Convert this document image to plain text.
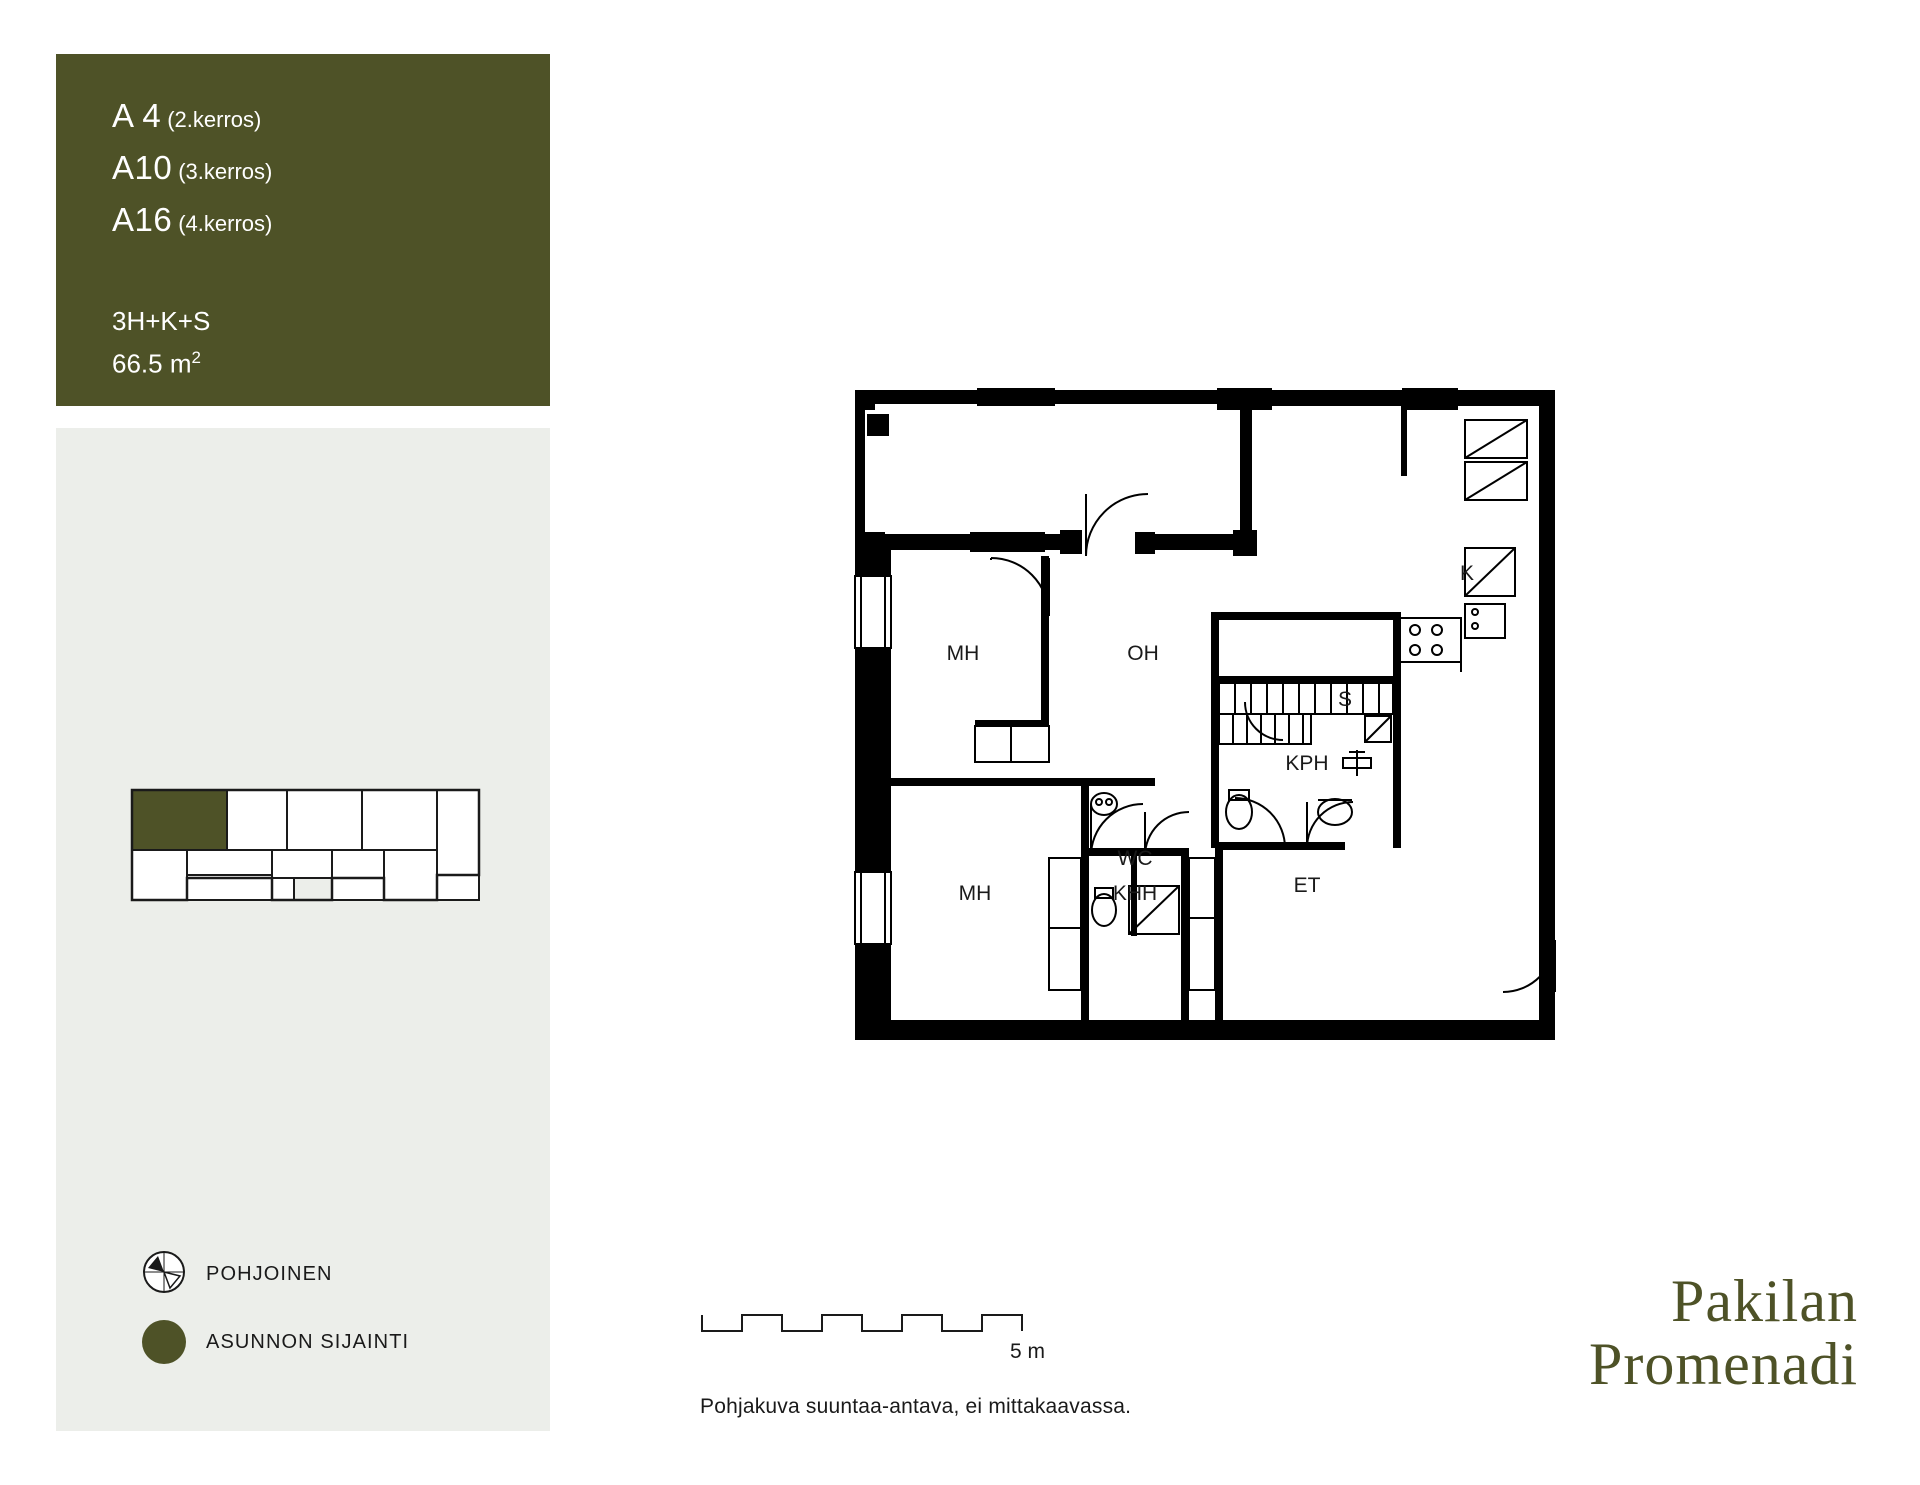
A 4 (2.kerros)
A10 (3.kerros)
A16 (4.kerros)
3H+K+S
66.5 $m^2$
POHJOINEN
ASUNNON SIJAINTI
K
MH	OH
S
KPH
MH
WC
KHH	ET
5 m
Pohjakuva suuntaa-antava, ei mittakaavassa.
Pakilan
Promenadi
